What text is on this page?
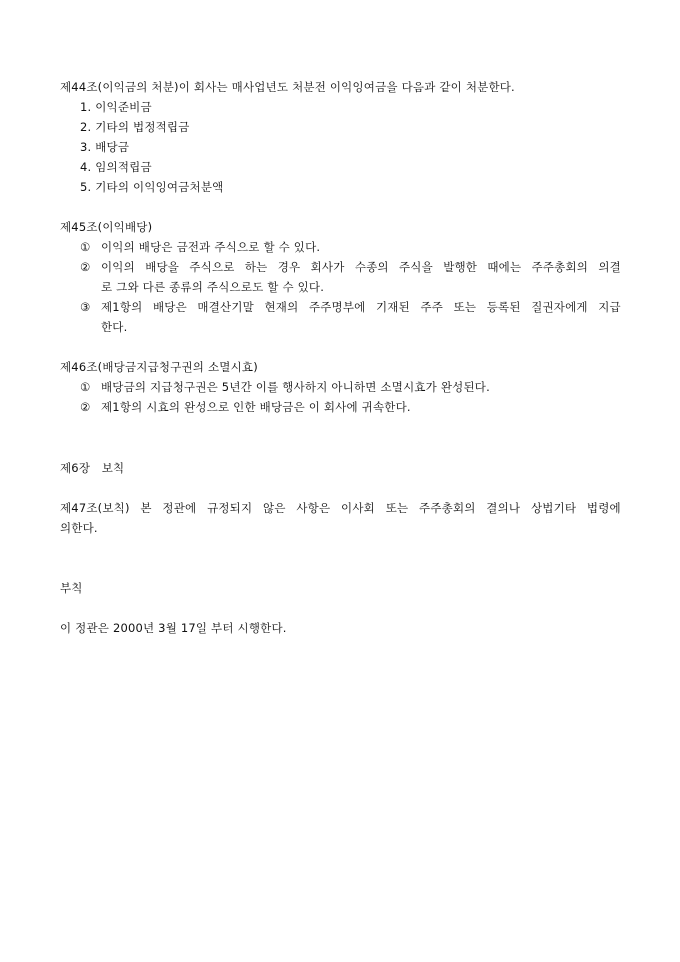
제44조(이익금의 처분)이 회사는 매사업년도 처분전 이익잉여금을 다음과 같이 처분한다.
1. 이익준비금
2. 기타의 법정적립금
3. 배당금
4. 임의적립금
5. 기타의 이익잉여금처분액
제45조(이익배당)
① 이익의 배당은 금전과 주식으로 할 수 있다.
② 이익의 배당을 주식으로 하는 경우 회사가 수종의 주식을 발행한 때에는 주주총회의 의결
로 그와 다른 종류의 주식으로도 할 수 있다.
③ 제1항의 배당은 매결산기말 현재의 주주명부에 기재된 주주 또는 등록된 질권자에게 지급
한다.
제46조(배당금지급청구권의 소멸시효)
① 배당금의 지급청구권은 5년간 이를 행사하지 아니하면 소멸시효가 완성된다.
② 제1항의 시효의 완성으로 인한 배당금은 이 회사에 귀속한다.
제6장   보칙
제47조(보칙) 본 정관에 규정되지 않은 사항은 이사회 또는 주주총회의 결의나 상법기타 법령에
의한다.
부칙
이 정관은 2000년 3월 17일 부터 시행한다.
